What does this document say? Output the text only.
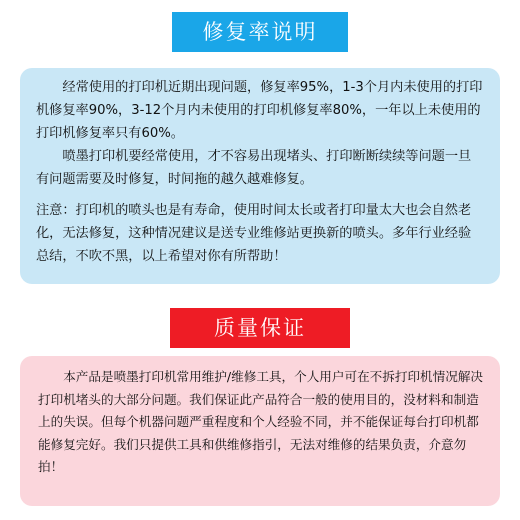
修复率说明

经常使用的打印机近期出现问题，修复率95%，1-3个月内未使用的打印机修复率90%，3-12个月内未使用的打印机修复率80%，一年以上未使用的打印机修复率只有60%。

喷墨打印机要经常使用，才不容易出现堵头、打印断断续续等问题一旦有问题需要及时修复，时间拖的越久越难修复。

注意：打印机的喷头也是有寿命，使用时间太长或者打印量太大也会自然老化，无法修复，这种情况建议是送专业维修站更换新的喷头。多年行业经验总结，不吹不黑，以上希望对你有所帮助！

质量保证

本产品是喷墨打印机常用维护/维修工具，个人用户可在不拆打印机情况解决打印机堵头的大部分问题。我们保证此产品符合一般的使用目的，没材料和制造上的失误。但每个机器问题严重程度和个人经验不同，并不能保证每台打印机都能修复完好。我们只提供工具和供维修指引，无法对维修的结果负责，介意勿拍！
